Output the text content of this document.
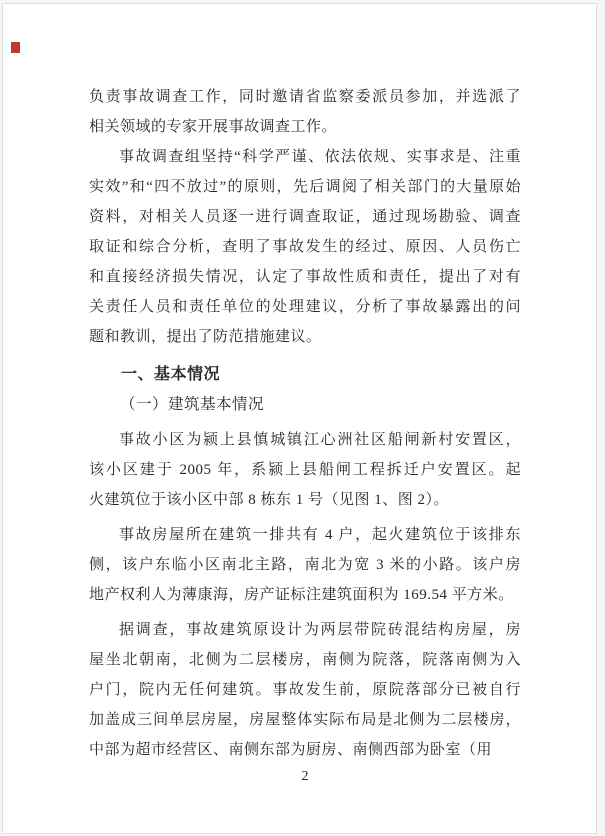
负责事故调查工作，同时邀请省监察委派员参加，并选派了
相关领域的专家开展事故调查工作。
事故调查组坚持“科学严谨、依法依规、实事求是、注重
实效”和“四不放过”的原则，先后调阅了相关部门的大量原始
资料，对相关人员逐一进行调查取证，通过现场勘验、调查
取证和综合分析，查明了事故发生的经过、原因、人员伤亡
和直接经济损失情况，认定了事故性质和责任，提出了对有
关责任人员和责任单位的处理建议，分析了事故暴露出的问
题和教训，提出了防范措施建议。
一、基本情况
（一）建筑基本情况
事故小区为颍上县慎城镇江心洲社区船闸新村安置区，
该小区建于 2005 年，系颍上县船闸工程拆迁户安置区。起
火建筑位于该小区中部 8 栋东 1 号（见图 1、图 2）。
事故房屋所在建筑一排共有 4 户，起火建筑位于该排东
侧，该户东临小区南北主路，南北为宽 3 米的小路。该户房
地产权利人为薄康海，房产证标注建筑面积为 169.54 平方米。
据调查，事故建筑原设计为两层带院砖混结构房屋，房
屋坐北朝南，北侧为二层楼房，南侧为院落，院落南侧为入
户门，院内无任何建筑。事故发生前，原院落部分已被自行
加盖成三间单层房屋，房屋整体实际布局是北侧为二层楼房，
中部为超市经营区、南侧东部为厨房、南侧西部为卧室（用
2
